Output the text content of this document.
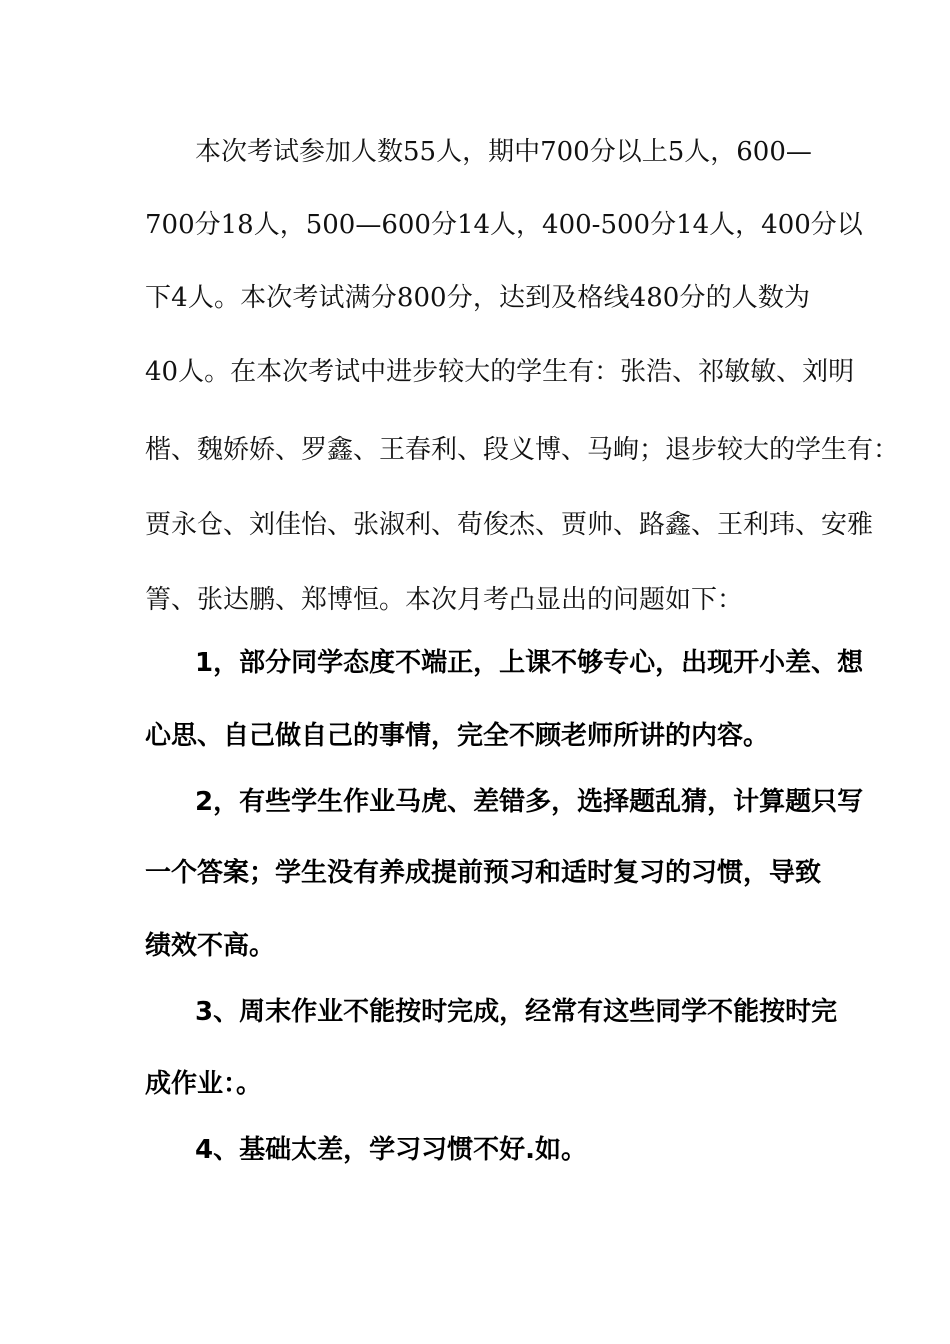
本次考试参加人数55人，期中700分以上5人，600—
700分18人，500—600分14人，400-500分14人，400分以
下4人。本次考试满分800分，达到及格线480分的人数为
40人。在本次考试中进步较大的学生有：张浩、祁敏敏、刘明
楷、魏娇娇、罗鑫、王春利、段义博、马峋；退步较大的学生有：
贾永仓、刘佳怡、张淑利、荀俊杰、贾帅、路鑫、王利玮、安雅
箐、张达鹏、郑博恒。本次月考凸显出的问题如下：
1，部分同学态度不端正，上课不够专心，出现开小差、想
心思、自己做自己的事情，完全不顾老师所讲的内容。
2，有些学生作业马虎、差错多，选择题乱猜，计算题只写
一个答案；学生没有养成提前预习和适时复习的习惯，导致
绩效不高。
3、周末作业不能按时完成，经常有这些同学不能按时完
成作业：。
4、基础太差，学习习惯不好.如。
